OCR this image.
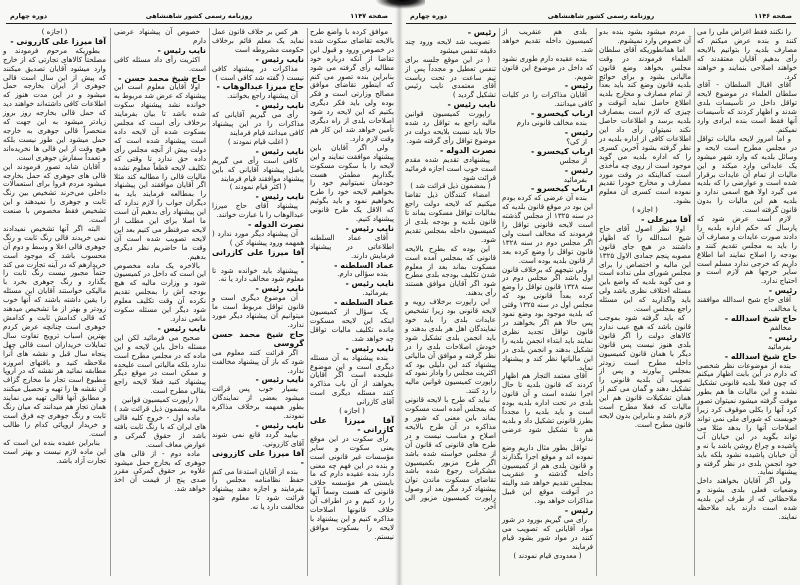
صفحه ۱۱۴۷
روزنامه رسمی کشور شاهنشاهی
دوره چهارم

( اجازه )

آقا میرزا علی کازرونی -

بطوریکه مرحوم فرمودند و مصلحتاً کالاهای تجارتی که از خارج وارد میشود آقایان تصدیق میکنند که پیش از این سال است قالی جوهری از ایران بخارجه حمل میشود و در این مدت هنوز که اطلاعات کافی داشته‌اند خواهند دید که حمل قالی بخارجه روز بروز زیادتر میشود به این جهت که منحصراً قالی جوهری به خارجه حمل میشود این طور نیست بلکه هیچ وقت از این قالی ها نخریده‌اند و تعمداً سفارش جوهری است.

آقایان شاید تصور فرمودند این قالی های جوهری که حمل بخارجه میشود مردم فروا برای استعمالات داخلی می‌خرند تشخیص بین رنگ ثابت و جوهری را نمیدهند و این تشخیص فقط مخصوص با صنعت است.

البته اگر آنها تشخیص نمیدادند نمی خریدند قالی رنگ ثابت و رنگ جوهری قالی اعلا و وسط و دوم آن محسوب باشد که موجود است خریدارهم که در آینه تجارت می کند حتماً مجبور نیست رنگ ثابت را بگذارد و رنگ جوهری بخرد با مالیکی خواستند آقایان این مسئله را یقین داشته باشند که آنها خوب زودتر و بهتر از ما تشخیص میدهند که قالی کدامش ثابت و کدامش جوهری است چنانچه عرض کردم بهترین اسباب ترویج تفاوت سال تمایلات خریداران است قالی چهل پنجاه سال قبل و نقشه های آنرا ملاحظه کنید و بافتهای امروزه مطابقه نمائید هر نقشه که در اروپا مطبوع است تجار ما مخارج گزاف آن نقشه ها را تهیه و تحصیل میکنند و مطابق آنها قالی تهیه می نمایند همان تجار هم میدانند که میان رنگ ثابت و رنگ جوهری چه فرق است و خریدار اروپائی کدام را طالب است.

بنابراین عقیده بنده این است که این ماده لازم نیست و بهتر است تجارت آزاد باشد.

خصوص آن پیشنهاد عرضی دارم

نایب رئیس -

اکثریت رأی داد مسئله کافی است.

حاج شیخ محمد حسن -

اولا آقایان معلوم است این پیشنهاد که عرض شد مربوط به خوانده نشد پیشنهاد سکوت شده باشد تا بیان بفرمایند برخلاف رأی است که مجلس بسکوت شده آن لایحه داده است پیشنهاد شده است که دولت پیش از آنچه مجلس رأی داده حق ندارد تا وقتی که تکلیف لایحه قطعاً معلوم نشده مالیات قالی را مطالبه کند مثلا اگر آقایان موافقند این پیشنهاد را بمطالعه فرمایند باید به دیگران جواب را لازم ندارد که این پیشنهاد رأی بدهیم آن است ما اصلا برای این مطلب از لایحه صرفنظر می کنیم بعد این لایحه تصویب شده است آن وقت ما حاضریم نظر دیگری بدهیم.

بالاخره یک ماده مخصوص این است که داخل در کمیسیون شود و وزارت مالیه که هیچ بودجه اش را بمجلس تقدیم نکرده آن وقت تکلیف معلوم شود دیگر این مسئله سکوت مانعی ندارد.

نایب رئیس -

صحیح می فرمائید لکن این مسئله داخل باین لایحه و این ماده که در مجلس مطرح است ندارد بلکه مالیاتی است علیحده و ممکن است در موقع دیگر پیشنهاد کنید فعلا لایحه راجع بقالی مطرح است.

( راپورت کمیسیون قوانین مالیه بمضمون ذیل قرائت شد )

ماده اول - خروج کلیه قالی های ایران که با رنگ ثابت بافته باشد از حقوق گمرکی و عوارض معاف است.

ماده دوم - از قالی های جوهری که بخارج حمل میشود علاوه بر حقوق گمرکی مقرر صدی پنج از قیمت آن اخذ خواهد شد.

هر کس بر خلاف قانون عمل نماید یک معلم قائم برخلاف حکومت مشروطه است

نایب رئیس -

مذاکرات در پیشنهاد کافی نیست ( گفته شد کافی است )

حاج میرزا عبدالوهاب -

آن پیشنهاد راجع بخوانند.

نایب رئیس -

رأی می گیریم آقایانی که مذاکرات را در این پیشنهاد کافی میدانند قیام فرمایند

( اغلب قیام نمودند )

نایب رئیس -

کافی است رأی می گیریم باصل پیشنهاد آقایانی که باین پیشنهاد موافقند قیام فرمایند

( اکثر قیام نمودند )

نایب رئیس -

پیشنهاد آقای حاج میرزا عبدالوهاب را با عبارت خوانند.

نصرت الدوله -

آن پیشنهاد دیگر مورد ندارد ( همهمه ورود پیشنهاد کن )

آقا میرزا علی کازرانی -

پیشنهاد باید خوانده شود تا معلوم شود مخالف دارد یا نه.

نایب رئیس -

آن موضوع دیگری است و قانون تواقل مربوط است ما میتوانیم آن پیشنهاد دیگر مورد ندارد.

حاج شیخ محمد حسن گروسی

اگر قرائت کنند معلوم می شود که باز آن پیشنهاد مخالفت ندارد.

نایب رئیس -

بسیار خوب پس قرائت میشود بعضی از نمایندگان بطور همهمه برخلاف مذاکره نمودند.

نایب رئیس -

بیایید گردد قانع نمی شوند آقای کازرونی.

آقا میرزا علی کازرونی -

بنده از آقایان استدعا می کنم حفظ نظامنامه مجلس را بفرمایند و اجازه دهند پیشنهاد قرائت شود تا معلوم شود مخالفت دارد یا نه.

موافق کرده با واضع طرح بالایحه تقاضای سکوت شده در خصوص ورود و قبول این تقاضا از آنکه درباره خود مطالبه رأی گرفته می شود بنابراین بنده تصور می کنم که اینطور تقاضای موافق مصالح وزارتی است و فکر بوده ولی باید فکر دیگری بکنیم که این لایحه رد شود اصلاحات بلدی از راه دیگری تأمین خواهد شد این کار هم وقت لازم دارد.

ولی اگر آقایان باین پیشنهاد موافقت نمایند و این لایحه را با سکوت مسکوت بگذاریم مطمئن هست خودمان نمیتوانیم خود را بخواهیم لایحه خود را طرح بخواهیم نمود و باید بگوئیم که الاقل یک طرح قانونی پیشنهاد کنیم.

نایب رئیس -

آقای عماد السلطنه اطلاعاتی در پیشنهاد فرمایش دارند.

عماد السلطنه -

بنده سؤالی دارم.

نایب رئیس -

بفرمائید.

عماد السلطنه -

یک سؤال از کمیسیون اینکه این لایحه مسکوت مانده تکلیف مالیات تواقل چه خواهد شد.

نایب رئیس -

بنده پیشنهاد به آن مسئله دیگری است و این موضوع علیحده است اگر آقایان بخواهند از آن باب مذاکره کنند مسئله دیگری است آقای کازرانی

( اجازه )

آقا میرزا علی کازرانی -

رأی سکوت در این موقع یعنی سکوت و سایر مؤسسات غیر قانونی است و بنده در این فهم چه معنی دارد بنده عقیده دارم که ما بایستی هر مؤسسه خلاف قانونی که هست وسعاً آنها را رد کنیم و در اطراف آن خلاف قانونها اصلاحات مذاکره کنیم و این پیشنهاد با لایحه را بسکوت موافق نیستم.

صفحه ۱۱۴۶
روزنامه رسمی کشور شاهنشاهی
دوره چهارم

رئیس -

تصویب شد لایحه ورود چند دقیقه تنفس میشود

( در این موقع جلسه برای تنفس تعطیل و مجدداً پس از نیم ساعت در تحت ریاست آقای معتمدی نایب رئیس تشکیل گردید )

نایب رئیس -

راپورت کمیسیون قوانین مالیه راجع به تواقل رد شده حالا باید نسبت بلایحه دولت در موضوع تواقل رأی گرفته شود.

نصرت الدوله -

پیشنهادی تقدیم شده مقدم است خوب است اجازه فرمائید قرائت شود

( بمضمون ذیل قرائت شد )

امضاء کنندگان ذیل تقاضا میکنیم که لایحه دولت راجع بمالیات تواقل مسکوت بماند تا قانون بلدیه و بودجه بلدی از کمیسیون داخله بمجلس تقدیم شود.

این بوده که بطرح بالایحه قانونی که بمجلس آمده است مسکوت بماند بعد از معلوم شدن تکلیف بودجه بلدی مطرح شود اگر آقایان موافق هستند رأی بدهند.

این راپورت برخلاف رویه و لایحه قانونی بود زیرا تشخیص عایدات بلدی را باید خود نمایندگان اهل هر بلدی بدهند و باید انجمن بلدی تشکیل شود خودش اصلاحات بلدی را در نظر گرفته و موافق آن مالیاتی پیشنهاد کند این دلیلی بود که اکثریت مجلس را وادار نمود که راپورت کمیسیون قوانین مالیه را رد کنند.

نباید که طرح با لایحه قانونی که بمجلس آمده است مسکوت بماند باین معنی که شور و مذاکره در آن طرح بالایحه اصلاح و مناسب نیست و در طرح های قانونی که قانون آن از مجلس خواسته شده باشد اگر طرح مزبور بکمیسیون مشکرات رجوع شده باشد تقاضای مسکوت ماندن توان پیشنهاد کرد مگر بعد از وصول راپورت کمیسیون مزبور الی آخر.

بلدی هم عنقریب از کمیسیون داخله تقدیم خواهد شد.

بنده عقیده دارم طوری نشود که داخل در موضوع این قانون شویم.

رئیس -

آقایان مذاکرات را در کلیات کافی میدانند.

ارباب کیخسرو -

بنده مخالف قانونی دارم

رئیس -

از کی؟

ارباب کیخسرو -

از مجلس

رئیس -

بفرمائید

ارباب کیخسرو -

بنده آن عرضی که کرده بودم این بود در موقع قانون بلدیه که در سنه ۱۳۲۵ از مجلس گذشته است لایحه قانونی تواقل را فرمودند که مخالف است ولی اگر مجلس دوم در سنه ۱۳۲۸ قانون تواقل را وضع کرده بعد از قانون بلدیه بوده است.

ولی نتیجهم که برخلاف قانون اول باشد اگر مجلس دوم در سنه ۱۳۲۸ قانون تواقل را وضع کرده بعداً قانونی بود که مجلس اول در سنه ۱۳۲۵ وقتی که بلدیه موجود بود وضع نمود پس حالا هم اگر بخواهند در قانون تواقل تجدید نظری نمایند باید ابتداء انجمن بلدیه را تشکیل بدهند و انجمن بلدی در این مالیاتها نظر کند و پیشنهاد نماید.

آقای معتمد التجار هم اظهار کردند که قانون بلدیه تا حال اجرا نشده است و آن قانون بلدی در تحت اداره بلدیه بوده است و باید بلدیه را مجدداً بطرز قانونی تشکیل داد و بلدیه هم تا تشکیل شود عرضی ندارد.

تواقل بطور مثال داریم وضع نموده اند و موقع اجرا بگذارند و قانون بلدی هم از کمیسیون داخله گذشته و عنقریب بمجلس تقدیم خواهد شد والبته در آنوقت موقع این قبیل مذاکرات خواهد بود.

رئیس -

رأی می گیریم بورود در شور مواد آقایانی که تصویب می کنند در مواد شور بشود قیام فرمایند

( معدودی قیام نمودند )

مردم میشود بشود بنده بدو آن خصوص وارد نمیشوم.

اما همانطوریکه آقای سلطان العلماء فرمودند در وقت مجلس بخواهد وضع قانون مالیاتی بشود و برای حوائج بلدیه قانون وضع کند باید بعداً از تمام مصارف و مخارج بلدیه اطلاع حاصل نماید آنوقت و چیزی که لازم است بمصارف بلدیه برسد و اطلاعات حاصل نکند نمیتوان رأی داد این اطلاعات کافی از اداره بلدیه در نظر گرفته بشود آخرین کسری را که اداره بلدیه می گوید موجود است از روی چه مأخذی است کمااینکه در وقت مورد مصارف و مخارج خودرا تقدیم نموده است کسری آن معلوم بشود.

( اجازه )

آقا میرعلی -

اولا نظر اصول آقای حاج شیخ اسدالله را که اظهار داشتند در هیچ جای قانون مصوبه پنجم جمادی الاول ۱۳۲۵ این مالیه و اختصاص را برای مجلس شورای ملی نداده است و می گوید بلدیه که واضع باین مسئله اختلاف نظری باشد ولی باید واگذارید که این مسئله راجع بمجلس است.

که باید گرفته شود بموجب قانون باشد که هیچ عیب ندارد کالاهای دولت را اگر قانون بلدی هنوز نیست پس قانون دیگر با همان قانون کمیسیون داخله مطرح است زودتر بمجلس بیاورند و پس از تصویب آن بلدیه قانونی را تشکیل دهند و گمان می کنم از همان تشکیلات قانون هم این مالیات که فعلا مطرح است لازم باشد و بنابراین بدون لایحه قانون مطرح است.

را نکنند فقط اغراض ملی را می کنند و بنده عرض میکنم که مصارف بلدیه را بتوانیم بالایحه رأی بدهیم آقایان معتقدند که خواهند اصلاحی بنمایند و خواهند کرد.

آقای اقبال السلطان - آقای سلطان العلماء در موضوع لایحه تواقل داخل در تأسیسات بلدی شدند و اظهار کردند که تأسیسات آنها فقط است بنده ایرادی وارد نمیکنم.

و اما امروز لایحه مالیات تواقل در مجلس مطرح است لایحه و وسائل بلدیه که وارد شهر میشود یک عایداتی وارد میکند و این مالیات از تمام آن عایدات برقرار شده است و عوارضی را که بلدیه می گیرد اولا هیچ اسمی ندارد و بلدیه هم این مالیات را بدون قانون گرفته است.

لازم است عرض شود که پارسال که حکم اداره بلدیه را دادند صورت عایدات و مصارف آن را باید به مجلس تقدیم کنند و بودجه را اصلاح نمایند اما اطلاع داریم که خرجی ندارد مسلم است سایر خرجها هم لازم است و احتیاج ندارد.

رئیس -

آقای حاج شیخ اسدالله موافقند یا مخالف.

حاج شیخ اسدالله -

مخالفم

رئیس -

بفرمائید

حاج شیخ اسدالله -

بنده از موضوعات نظر شخصی که دارم در این بابت اظهار میکنم که چون فعلا بلدیه قانونی تشکیل نشده و این مالیات ها هم بطور موقت گرفته میشود نمیتوان تصور کرد آنها را بکلی موقوف کرد زیرا خوبست که شورای ملی نمی تواند اصلاحات آنها را بدهد مثلا می تواند بگوید در این خیابان آب پاشیده و چراغ روشن باشد یا نه و آن خیابان پاشیده نشود بلکه باید خود انجمن بلدی در نظر گرفته و پیشنهاد نماید.

ولی اگر آقایان بخواهند داخل وضعیات فعلی بلدی بشوند و ملاحظاتی که از طرف این بلدیه شده است دارند باید ملاحظه نمایند.
